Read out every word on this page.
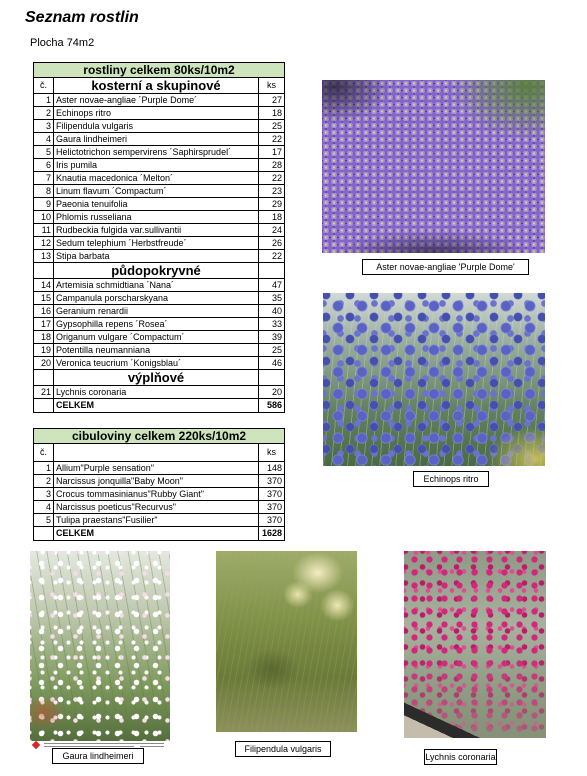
Seznam rostlin
Plocha 74m2
rostliny celkem 80ks/10m2		
č.	kosterní a skupinové	ks
1	Aster novae-angliae ´Purple Dome´	27
2	Echinops ritro	18
3	Filipendula vulgaris	25
4	Gaura lindheimeri	22
5	Helictotrichon sempervirens ´Saphirsprudel´	17
6	Iris pumila	28
7	Knautia macedonica ´Melton´	22
8	Linum flavum ´Compactum´	23
9	Paeonia tenuifolia	29
10	Phlomis russeliana	18
11	Rudbeckia fulgida var.sullivantii	24
12	Sedum telephium ´Herbstfreude´	26
13	Stipa barbata	22
	půdopokryvné	
14	Artemisia schmidtiana ´Nana´	47
15	Campanula porscharskyana	35
16	Geranium renardii	40
17	Gypsophilla repens ´Rosea´	33
18	Origanum vulgare ´Compactum´	39
19	Potentilla neumanniana	25
20	Veronica teucrium ´Konigsblau´	46
	výplňové	
21	Lychnis coronaria	20
	CELKEM	586
cibuloviny celkem 220ks/10m2		
č.		ks
1	Allium"Purple sensation"	148
2	Narcissus jonquilla"Baby Moon"	370
3	Crocus tommasinianus"Rubby Giant"	370
4	Narcissus poeticus"Recurvus"	370
5	Tulipa praestans"Fusilier"	370
	CELKEM	1628
Aster novae-angliae 'Purple Dome'
Echinops ritro
Gaura lindheimeri
Filipendula vulgaris
Lychnis coronaria
